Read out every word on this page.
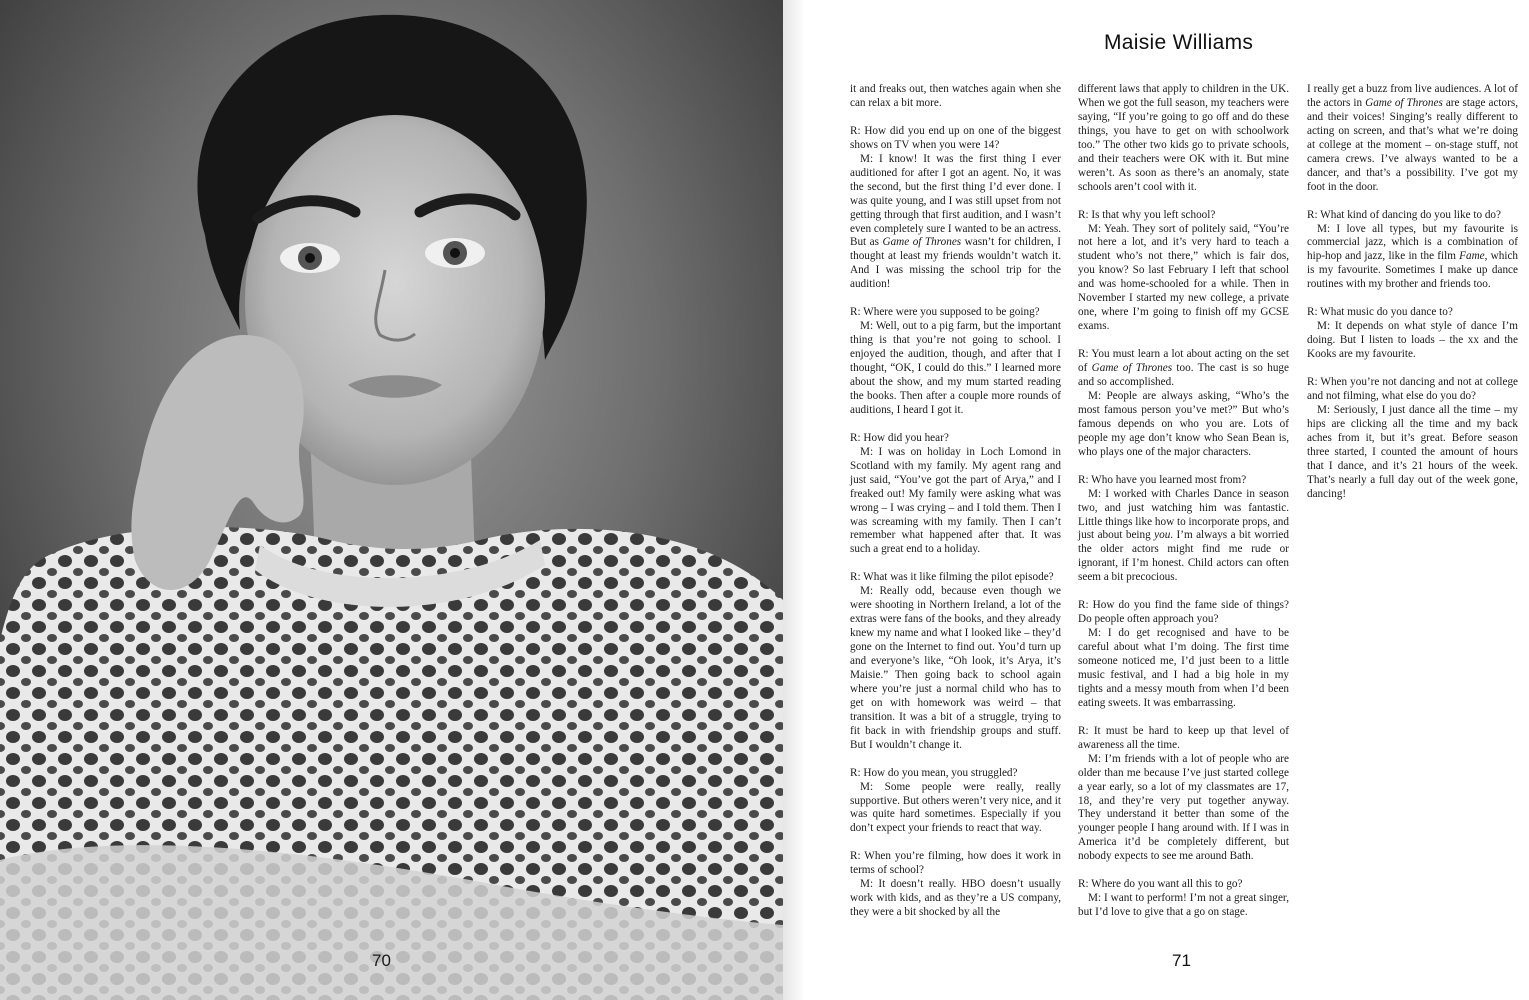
70
Maisie Williams

it and freaks out, then watches again when she can relax a bit more.

R: How did you end up on one of the biggest shows on TV when you were 14?

M: I know! It was the first thing I ever auditioned for after I got an agent. No, it was the second, but the first thing I’d ever done. I was quite young, and I was still upset from not getting through that first audition, and I wasn’t even completely sure I wanted to be an actress. But as Game of Thrones wasn’t for children, I thought at least my friends wouldn’t watch it. And I was missing the school trip for the audition!

R: Where were you supposed to be going?

M: Well, out to a pig farm, but the important thing is that you’re not going to school. I enjoyed the audition, though, and after that I thought, “OK, I could do this.” I learned more about the show, and my mum started reading the books. Then after a couple more rounds of auditions, I heard I got it.

R: How did you hear?

M: I was on holiday in Loch Lomond in Scotland with my family. My agent rang and just said, “You’ve got the part of Arya,” and I freaked out! My family were asking what was wrong – I was crying – and I told them. Then I was screaming with my family. Then I can’t remember what happened after that. It was such a great end to a holiday.

R: What was it like filming the pilot episode?

M: Really odd, because even though we were shooting in Northern Ireland, a lot of the extras were fans of the books, and they already knew my name and what I looked like – they’d gone on the Internet to find out. You’d turn up and everyone’s like, “Oh look, it’s Arya, it’s Maisie.” Then going back to school again where you’re just a normal child who has to get on with homework was weird – that transition. It was a bit of a struggle, trying to fit back in with friendship groups and stuff. But I wouldn’t change it.

R: How do you mean, you struggled?

M: Some people were really, really supportive. But others weren’t very nice, and it was quite hard sometimes. Especially if you don’t expect your friends to react that way.

R: When you’re filming, how does it work in terms of school?

M: It doesn’t really. HBO doesn’t usually work with kids, and as they’re a US company, they were a bit shocked by all the

different laws that apply to children in the UK. When we got the full season, my teachers were saying, “If you’re going to go off and do these things, you have to get on with schoolwork too.” The other two kids go to private schools, and their teachers were OK with it. But mine weren’t. As soon as there’s an anomaly, state schools aren’t cool with it.

R: Is that why you left school?

M: Yeah. They sort of politely said, “You’re not here a lot, and it’s very hard to teach a student who’s not there,” which is fair dos, you know? So last February I left that school and was home-schooled for a while. Then in November I started my new college, a private one, where I’m going to finish off my GCSE exams.

R: You must learn a lot about acting on the set of Game of Thrones too. The cast is so huge and so accomplished.

M: People are always asking, “Who’s the most famous person you’ve met?” But who’s famous depends on who you are. Lots of people my age don’t know who Sean Bean is, who plays one of the major characters.

R: Who have you learned most from?

M: I worked with Charles Dance in season two, and just watching him was fantastic. Little things like how to incorporate props, and just about being you. I’m always a bit worried the older actors might find me rude or ignorant, if I’m honest. Child actors can often seem a bit precocious.

R: How do you find the fame side of things? Do people often approach you?

M: I do get recognised and have to be careful about what I’m doing. The first time someone noticed me, I’d just been to a little music festival, and I had a big hole in my tights and a messy mouth from when I’d been eating sweets. It was embarrassing.

R: It must be hard to keep up that level of awareness all the time.

M: I’m friends with a lot of people who are older than me because I’ve just started college a year early, so a lot of my classmates are 17, 18, and they’re very put together anyway. They understand it better than some of the younger people I hang around with. If I was in America it’d be completely different, but nobody expects to see me around Bath.

R: Where do you want all this to go?

M: I want to perform! I’m not a great singer, but I’d love to give that a go on stage.

I really get a buzz from live audiences. A lot of the actors in Game of Thrones are stage actors, and their voices! Singing’s really different to acting on screen, and that’s what we’re doing at college at the moment – on-stage stuff, not camera crews. I’ve always wanted to be a dancer, and that’s a possibility. I’ve got my foot in the door.

R: What kind of dancing do you like to do?

M: I love all types, but my favourite is commercial jazz, which is a combination of hip-hop and jazz, like in the film Fame, which is my favourite. Sometimes I make up dance routines with my brother and friends too.

R: What music do you dance to?

M: It depends on what style of dance I’m doing. But I listen to loads – the xx and the Kooks are my favourite.

R: When you’re not dancing and not at college and not filming, what else do you do?

M: Seriously, I just dance all the time – my hips are clicking all the time and my back aches from it, but it’s great. Before season three started, I counted the amount of hours that I dance, and it’s 21 hours of the week. That’s nearly a full day out of the week gone, dancing!

71
